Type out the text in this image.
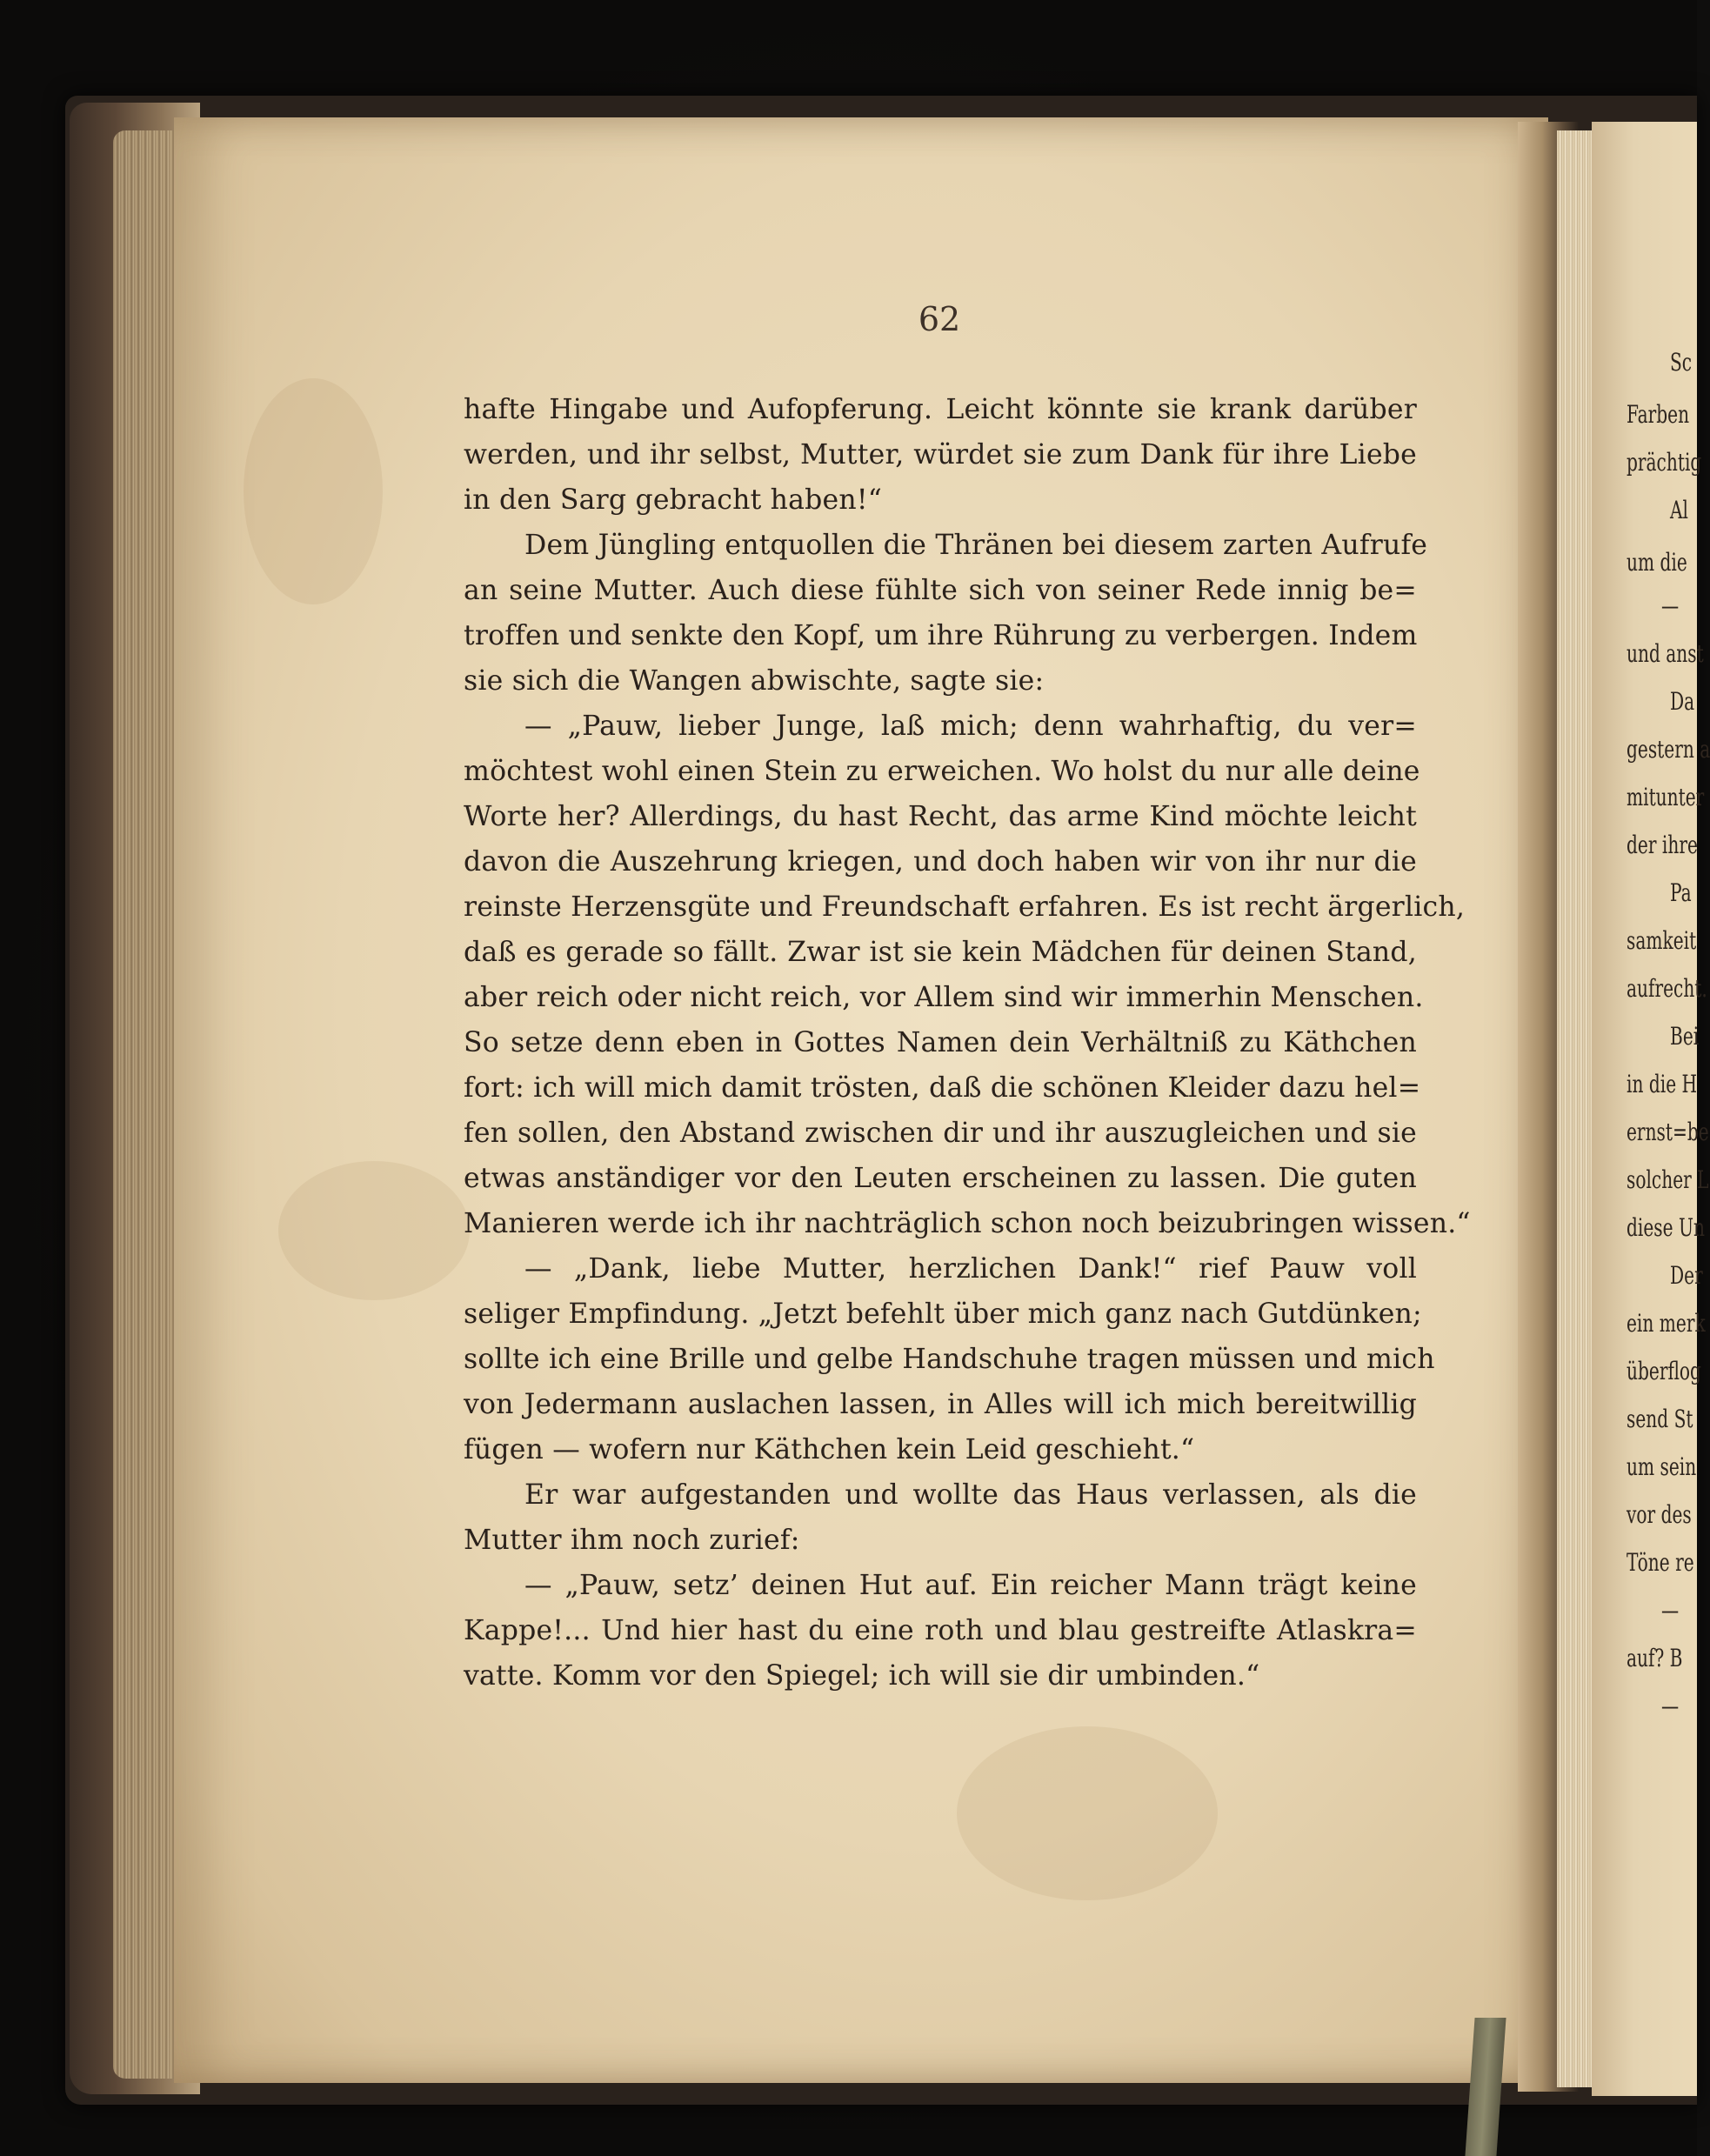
62
hafte Hingabe und Aufopferung. Leicht könnte sie krank darüber
werden, und ihr selbst, Mutter, würdet sie zum Dank für ihre Liebe
in den Sarg gebracht haben!“
Dem Jüngling entquollen die Thränen bei diesem zarten Aufrufe
an seine Mutter. Auch diese fühlte sich von seiner Rede innig be=
troffen und senkte den Kopf, um ihre Rührung zu verbergen. Indem
sie sich die Wangen abwischte, sagte sie:
— „Pauw, lieber Junge, laß mich; denn wahrhaftig, du ver=
möchtest wohl einen Stein zu erweichen. Wo holst du nur alle deine
Worte her? Allerdings, du hast Recht, das arme Kind möchte leicht
davon die Auszehrung kriegen, und doch haben wir von ihr nur die
reinste Herzensgüte und Freundschaft erfahren. Es ist recht ärgerlich,
daß es gerade so fällt. Zwar ist sie kein Mädchen für deinen Stand,
aber reich oder nicht reich, vor Allem sind wir immerhin Menschen.
So setze denn eben in Gottes Namen dein Verhältniß zu Käthchen
fort: ich will mich damit trösten, daß die schönen Kleider dazu hel=
fen sollen, den Abstand zwischen dir und ihr auszugleichen und sie
etwas anständiger vor den Leuten erscheinen zu lassen. Die guten
Manieren werde ich ihr nachträglich schon noch beizubringen wissen.“
— „Dank, liebe Mutter, herzlichen Dank!“ rief Pauw voll
seliger Empfindung. „Jetzt befehlt über mich ganz nach Gutdünken;
sollte ich eine Brille und gelbe Handschuhe tragen müssen und mich
von Jedermann auslachen lassen, in Alles will ich mich bereitwillig
fügen — wofern nur Käthchen kein Leid geschieht.“
Er war aufgestanden und wollte das Haus verlassen, als die
Mutter ihm noch zurief:
— „Pauw, setz’ deinen Hut auf. Ein reicher Mann trägt keine
Kappe!... Und hier hast du eine roth und blau gestreifte Atlaskra=
vatte. Komm vor den Spiegel; ich will sie dir umbinden.“
Sc
Farben
prächtig
Al
um die
—
und anst
Da
gestern a
mitunter
der ihre
Pa
samkeit
aufrecht.
Bei
in die H
ernst=be
solcher L
diese Un
Der
ein merk
überflog
send St
um sein
vor des
Töne re
—
auf? B
—
